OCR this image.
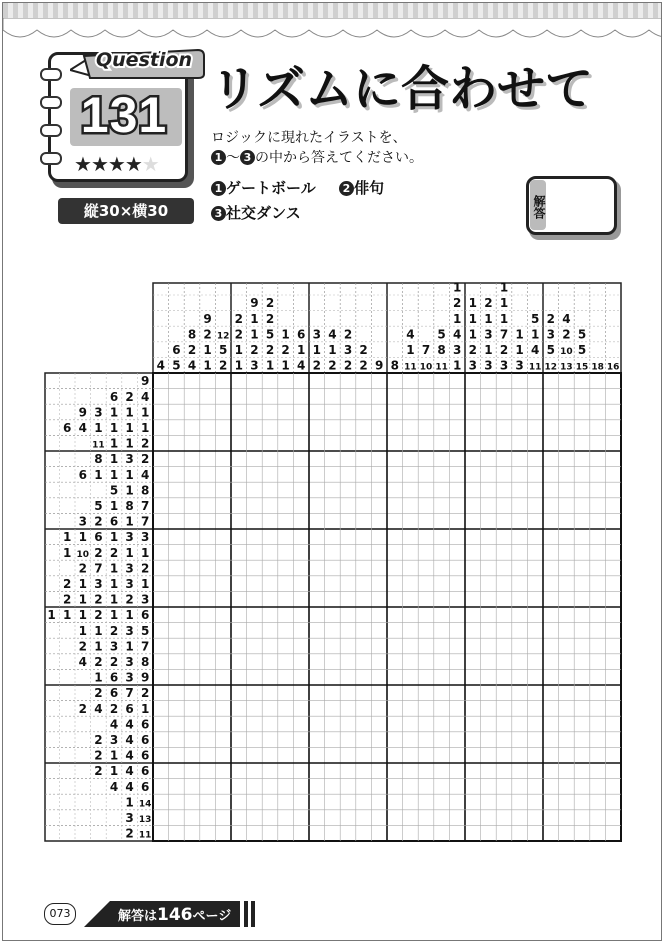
131
★★★★★
Question
縦30×横30
リズムに合わせて
ロジックに現れたイラストを、
1 〜 3 の中から答えてください。
1 ゲートボール 2 俳句
3 社交ダンス	解答
4
6
5
8
2
4
9
2
1
1
12
5
2
2
2
1
1
9
1
1
2
3
2
2
5
2
1
1
2
1
6
1
4
3
1
2
4
1
2
2
3
2
2
2 9 8
4
1
11
7
10
5
8
11
1
2
1
4
3
1
1
1
1
2
3
2
1
3
1
3
1
1
1
7
2
3
1
1
3
5
1
4
11
2
3
5
12
4
2
10
13
5
5
15 18 16
9
6 2 4
9 3 1 1 1
6 4 1 1 1 1
11 1 1 2
8 1 3 2
6 1 1 1 4
5 1 8
5 1 8 7
3 2 6 1 7
1 1 6 1 3 3
1 10 2 2 1 1
2 7 1 3 2
2 1 3 1 3 1
2 1 2 1 2 3
1 1 1 2 1 1 6
1 1 2 3 5
2 1 3 1 7
4 2 2 3 8
1 6 3 9
2 6 7 2
2 4 2 6 1
4 4 6
2 3 4 6
2 1 4 6
2 1 4 6
4 4 6
1 14
3 13
2 11
073	解答は146ページ
